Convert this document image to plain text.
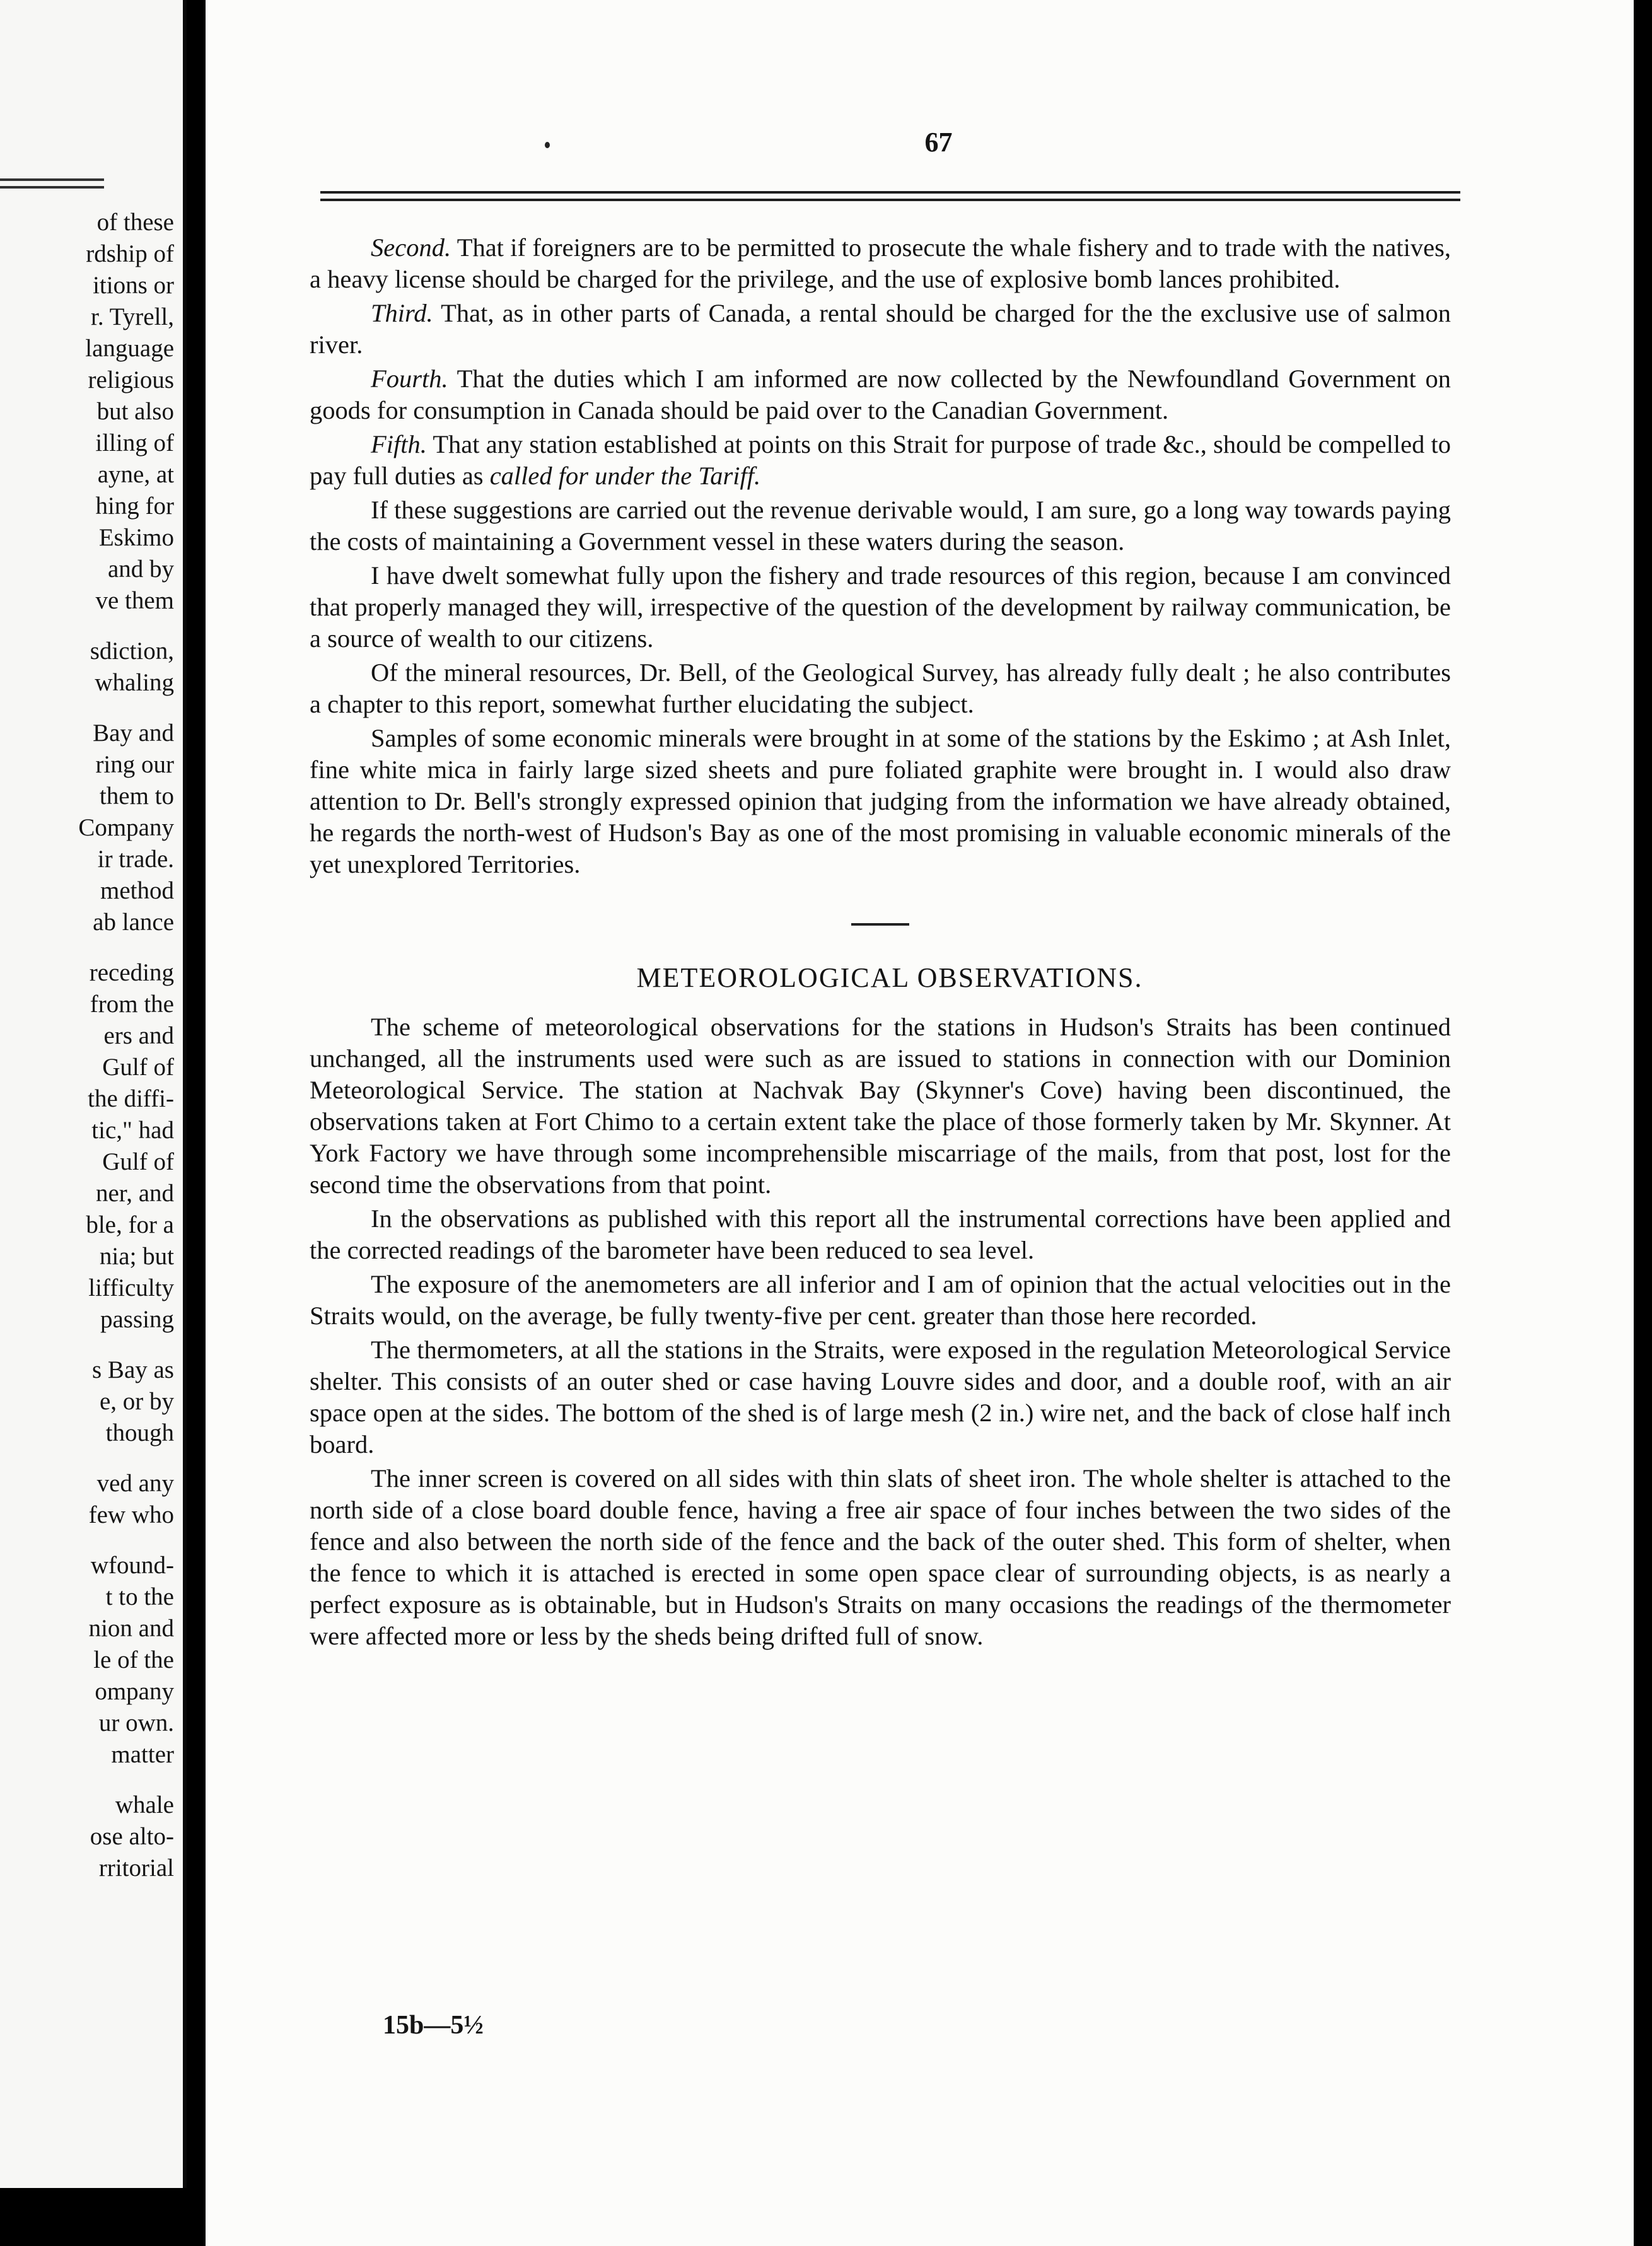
of these
rdship of
itions or
r. Tyrell,
language
religious
but also
illing of
ayne, at
hing for
Eskimo
and by
ve them
sdiction,
whaling
Bay and
ring our
them to
Company
ir trade.
method
ab lance
receding
from the
ers and
Gulf of
the diffi-
tic," had
Gulf of
ner, and
ble, for a
nia; but
lifficulty
passing
s Bay as
e, or by
though
ved any
few who
wfound-
t to the
nion and
le of the
ompany
ur own.
matter
whale
ose alto-
rritorial
67

Second. That if foreigners are to be permitted to prosecute the whale fishery and to trade with the natives, a heavy license should be charged for the privilege, and the use of explosive bomb lances prohibited.

Third. That, as in other parts of Canada, a rental should be charged for the the exclusive use of salmon river.

Fourth. That the duties which I am informed are now collected by the Newfoundland Government on goods for consumption in Canada should be paid over to the Canadian Government.

Fifth. That any station established at points on this Strait for purpose of trade &c., should be compelled to pay full duties as called for under the Tariff.

If these suggestions are carried out the revenue derivable would, I am sure, go a long way towards paying the costs of maintaining a Government vessel in these waters during the season.

I have dwelt somewhat fully upon the fishery and trade resources of this region, because I am convinced that properly managed they will, irrespective of the question of the development by railway communication, be a source of wealth to our citizens.

Of the mineral resources, Dr. Bell, of the Geological Survey, has already fully dealt ; he also contributes a chapter to this report, somewhat further elucidating the subject.

Samples of some economic minerals were brought in at some of the stations by the Eskimo ; at Ash Inlet, fine white mica in fairly large sized sheets and pure foliated graphite were brought in. I would also draw attention to Dr. Bell's strongly expressed opinion that judging from the information we have already obtained, he regards the north-west of Hudson's Bay as one of the most promising in valuable economic minerals of the yet unexplored Territories.

METEOROLOGICAL OBSERVATIONS.

The scheme of meteorological observations for the stations in Hudson's Straits has been continued unchanged, all the instruments used were such as are issued to stations in connection with our Dominion Meteorological Service. The station at Nachvak Bay (Skynner's Cove) having been discontinued, the observations taken at Fort Chimo to a certain extent take the place of those formerly taken by Mr. Skynner. At York Factory we have through some incomprehensible miscarriage of the mails, from that post, lost for the second time the observations from that point.

In the observations as published with this report all the instrumental corrections have been applied and the corrected readings of the barometer have been reduced to sea level.

The exposure of the anemometers are all inferior and I am of opinion that the actual velocities out in the Straits would, on the average, be fully twenty-five per cent. greater than those here recorded.

The thermometers, at all the stations in the Straits, were exposed in the regulation Meteorological Service shelter. This consists of an outer shed or case having Louvre sides and door, and a double roof, with an air space open at the sides. The bottom of the shed is of large mesh (2 in.) wire net, and the back of close half inch board.

The inner screen is covered on all sides with thin slats of sheet iron. The whole shelter is attached to the north side of a close board double fence, having a free air space of four inches between the two sides of the fence and also between the north side of the fence and the back of the outer shed. This form of shelter, when the fence to which it is attached is erected in some open space clear of surrounding objects, is as nearly a perfect exposure as is obtainable, but in Hudson's Straits on many occasions the readings of the thermometer were affected more or less by the sheds being drifted full of snow.

15b—5½
